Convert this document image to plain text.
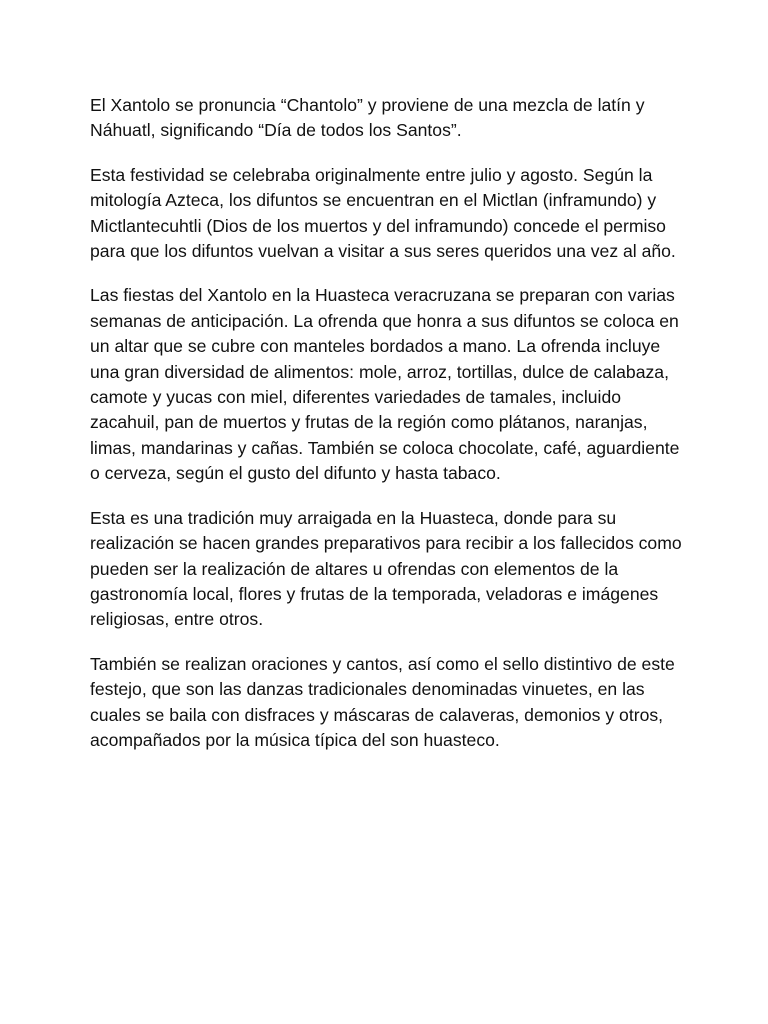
El Xantolo se pronuncia “Chantolo” y proviene de una mezcla de latín y Náhuatl, significando “Día de todos los Santos”.

Esta festividad se celebraba originalmente entre julio y agosto. Según la mitología Azteca, los difuntos se encuentran en el Mictlan (inframundo) y Mictlantecuhtli (Dios de los muertos y del inframundo) concede el permiso para que los difuntos vuelvan a visitar a sus seres queridos una vez al año.

Las fiestas del Xantolo en la Huasteca veracruzana se preparan con varias semanas de anticipación. La ofrenda que honra a sus difuntos se coloca en un altar que se cubre con manteles bordados a mano. La ofrenda incluye una gran diversidad de alimentos: mole, arroz, tortillas, dulce de calabaza, camote y yucas con miel, diferentes variedades de tamales, incluido zacahuil, pan de muertos y frutas de la región como plátanos, naranjas, limas, mandarinas y cañas. También se coloca chocolate, café, aguardiente o cerveza, según el gusto del difunto y hasta tabaco.

Esta es una tradición muy arraigada en la Huasteca, donde para su realización se hacen grandes preparativos para recibir a los fallecidos como pueden ser la realización de altares u ofrendas con elementos de la gastronomía local, flores y frutas de la temporada, veladoras e imágenes religiosas, entre otros.

También se realizan oraciones y cantos, así como el sello distintivo de este festejo, que son las danzas tradicionales denominadas vinuetes, en las cuales se baila con disfraces y máscaras de calaveras, demonios y otros, acompañados por la música típica del son huasteco.
